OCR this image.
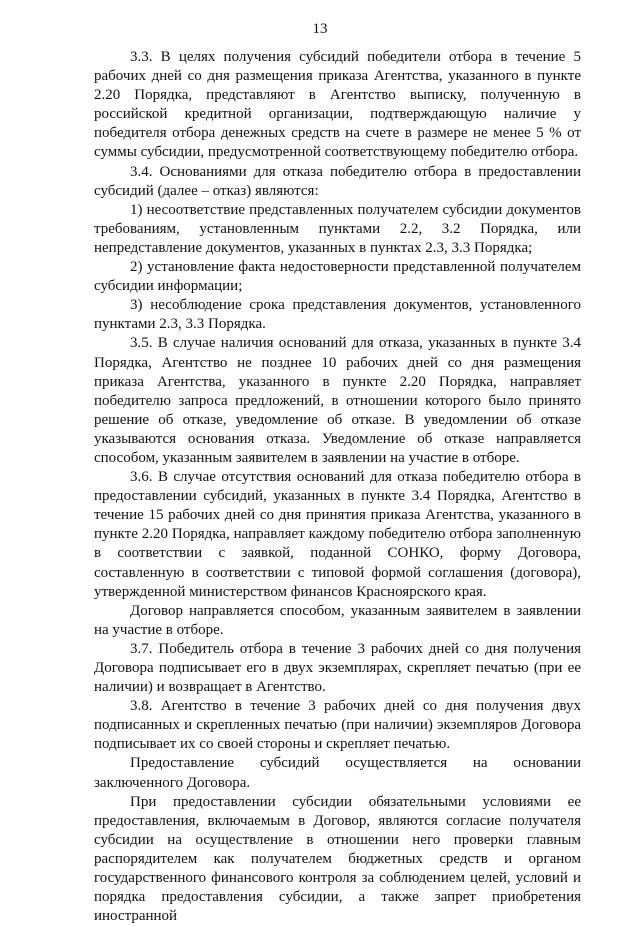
13

3.3. В целях получения субсидий победители отбора в течение 5 рабочих дней со дня размещения приказа Агентства, указанного в пункте 2.20 Порядка, представляют в Агентство выписку, полученную в российской кредитной организации, подтверждающую наличие у победителя отбора денежных средств на счете в размере не менее 5 % от суммы субсидии, предусмотренной соответствующему победителю отбора.

3.4. Основаниями для отказа победителю отбора в предоставлении субсидий (далее – отказ) являются:

1) несоответствие представленных получателем субсидии документов требованиям, установленным пунктами 2.2, 3.2 Порядка, или непредставление документов, указанных в пунктах 2.3, 3.3 Порядка;

2) установление факта недостоверности представленной получателем субсидии информации;

3) несоблюдение срока представления документов, установленного пунктами 2.3, 3.3 Порядка.

3.5. В случае наличия оснований для отказа, указанных в пункте 3.4 Порядка, Агентство не позднее 10 рабочих дней со дня размещения приказа Агентства, указанного в пункте 2.20 Порядка, направляет победителю запроса предложений, в отношении которого было принято решение об отказе, уведомление об отказе. В уведомлении об отказе указываются основания отказа. Уведомление об отказе направляется способом, указанным заявителем в заявлении на участие в отборе.

3.6. В случае отсутствия оснований для отказа победителю отбора в предоставлении субсидий, указанных в пункте 3.4 Порядка, Агентство в течение 15 рабочих дней со дня принятия приказа Агентства, указанного в пункте 2.20 Порядка, направляет каждому победителю отбора заполненную в соответствии с заявкой, поданной СОНКО, форму Договора, составленную в соответствии с типовой формой соглашения (договора), утвержденной министерством финансов Красноярского края.

Договор направляется способом, указанным заявителем в заявлении на участие в отборе.

3.7. Победитель отбора в течение 3 рабочих дней со дня получения Договора подписывает его в двух экземплярах, скрепляет печатью (при ее наличии) и возвращает в Агентство.

3.8. Агентство в течение 3 рабочих дней со дня получения двух подписанных и скрепленных печатью (при наличии) экземпляров Договора подписывает их со своей стороны и скрепляет печатью.

Предоставление субсидий осуществляется на основании заключенного Договора.

При предоставлении субсидии обязательными условиями ее предоставления, включаемым в Договор, являются согласие получателя субсидии на осуществление в отношении него проверки главным распорядителем как получателем бюджетных средств и органом государственного финансового контроля за соблюдением целей, условий и порядка предоставления субсидии, а также запрет приобретения иностранной
